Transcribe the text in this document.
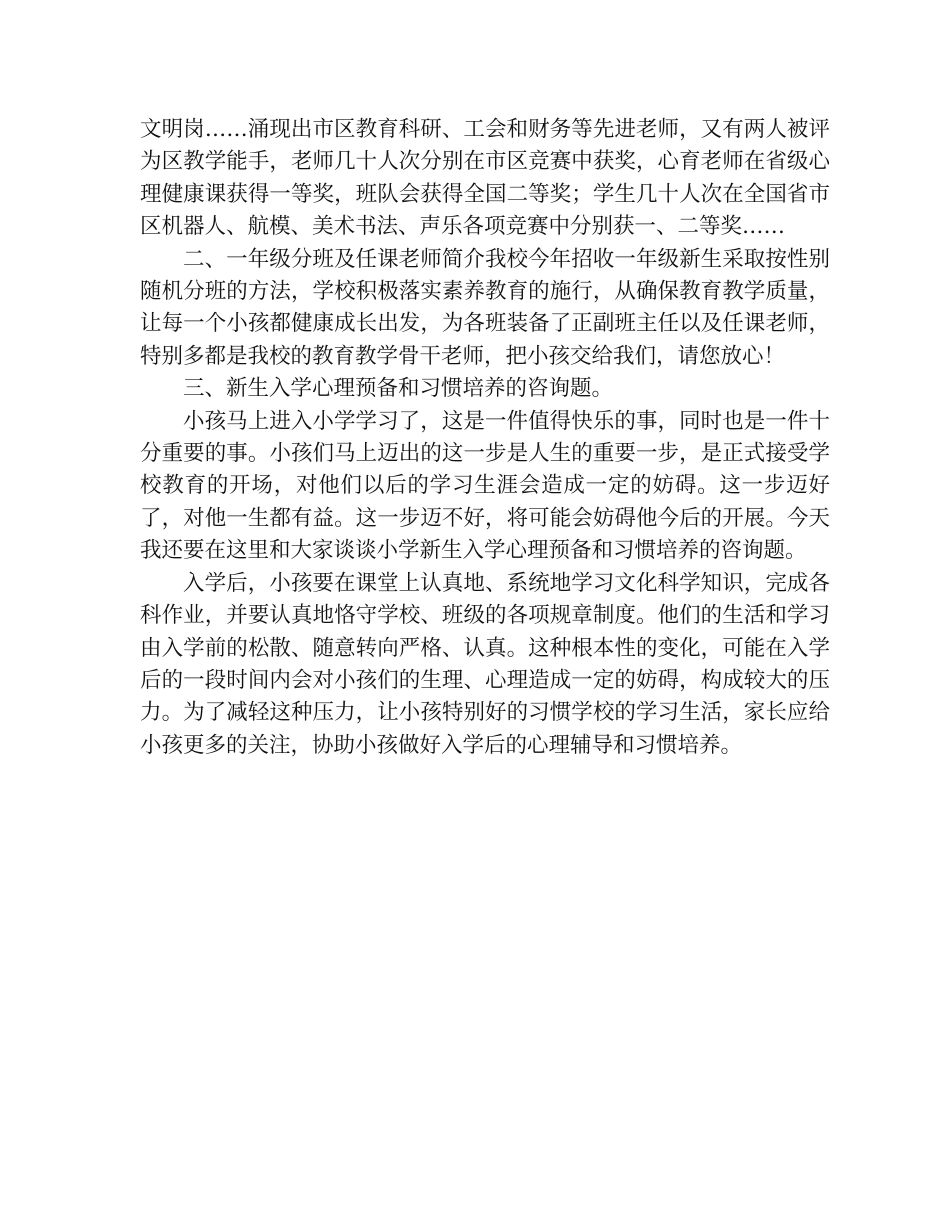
文明岗……涌现出市区教育科研、工会和财务等先进老师，又有两人被评为区教学能手，老师几十人次分别在市区竞赛中获奖，心育老师在省级心理健康课获得一等奖，班队会获得全国二等奖；学生几十人次在全国省市区机器人、航模、美术书法、声乐各项竞赛中分别获一、二等奖……

二、一年级分班及任课老师简介我校今年招收一年级新生采取按性别随机分班的方法，学校积极落实素养教育的施行，从确保教育教学质量，让每一个小孩都健康成长出发，为各班装备了正副班主任以及任课老师，特别多都是我校的教育教学骨干老师，把小孩交给我们，请您放心！

三、新生入学心理预备和习惯培养的咨询题。

小孩马上进入小学学习了，这是一件值得快乐的事，同时也是一件十分重要的事。小孩们马上迈出的这一步是人生的重要一步，是正式接受学校教育的开场，对他们以后的学习生涯会造成一定的妨碍。这一步迈好了，对他一生都有益。这一步迈不好，将可能会妨碍他今后的开展。今天我还要在这里和大家谈谈小学新生入学心理预备和习惯培养的咨询题。

入学后，小孩要在课堂上认真地、系统地学习文化科学知识，完成各科作业，并要认真地恪守学校、班级的各项规章制度。他们的生活和学习由入学前的松散、随意转向严格、认真。这种根本性的变化，可能在入学后的一段时间内会对小孩们的生理、心理造成一定的妨碍，构成较大的压力。为了减轻这种压力，让小孩特别好的习惯学校的学习生活，家长应给小孩更多的关注，协助小孩做好入学后的心理辅导和习惯培养。
